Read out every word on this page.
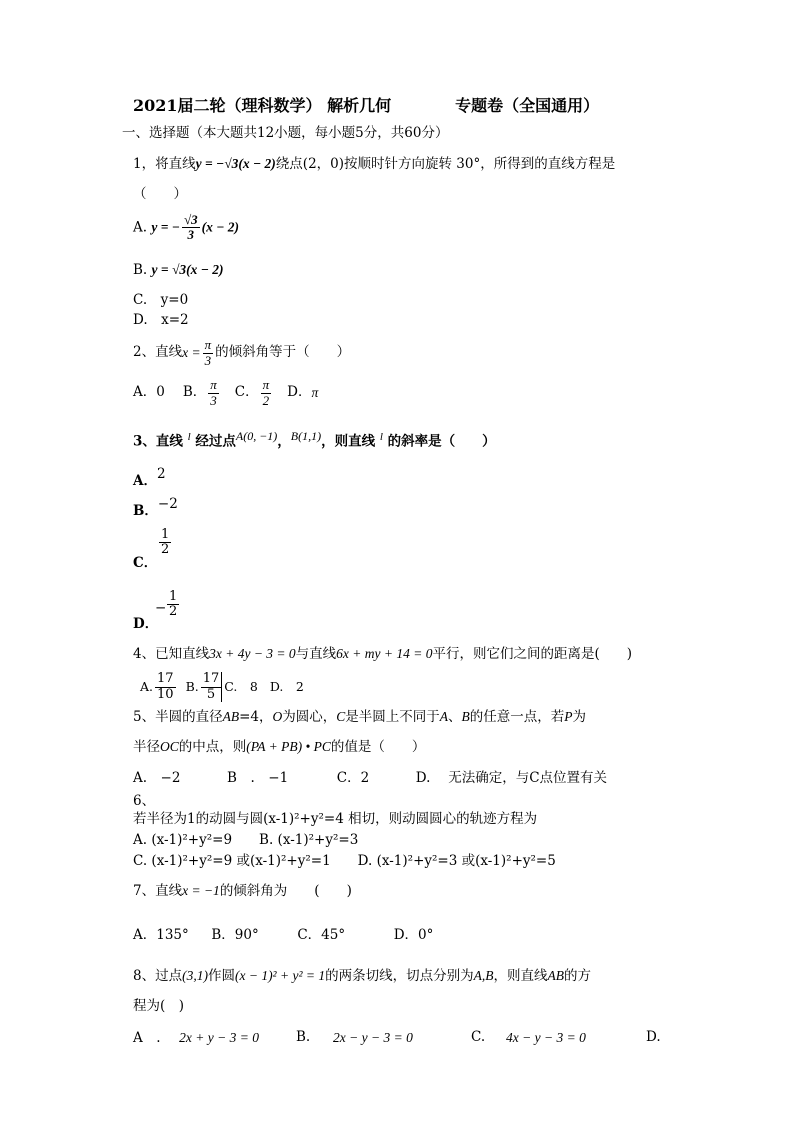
2021届二轮（理科数学） 解析几何	专题卷（全国通用）
一、选择题（本大题共12小题，每小题5分，共60分）
1，将直线y = −√3(x − 2)绕点(2，0)按顺时针方向旋转 30°，所得到的直线方程是
（　　）
A. y = − $\frac{√3}{3} (x - 2)$
B. y = √3(x − 2)
C.　y=0
D.　x=2
2、直线 $x = \frac{\pi}{3}$ 的倾斜角等于（　　）
A．0 B． $\frac{\pi}{3}$ C． $\frac{\pi}{2}$ D． π
3、直线 $^l$ 经过点A(0, −1)，B(1,1)，则直线 $^l$ 的斜率是（　　）
A．2
B．−2
C．
$\frac{1}{2}$
D．
− $\frac{1}{2}$
4、已知直线3x + 4y − 3 = 0与直线6x + my + 14 = 0平行，则它们之间的距离是(　　)
A. $\frac{17}{10} B$. $\frac{17}{5} C$.　8 D.　2
5、半圆的直径AB=4，O为圆心，C是半圆上不同于A、B的任意一点，若P为
半径OC的中点，则(PA + PB) • PC的值是（　　）
A.　−2	B　.　−1	C．2	D.　 无法确定，与C点位置有关
6、
若半径为1的动圆与圆(x-1)²+y²=4 相切，则动圆圆心的轨迹方程为
A. (x-1)²+y²=9　　B. (x-1)²+y²=3
C. (x-1)²+y²=9 或(x-1)²+y²=1　　D. (x-1)²+y²=3 或(x-1)²+y²=5
7、直线x = −1的倾斜角为　　(　　)
A．135° B．90°	C．45°	D．0°
8、过点(3,1)作圆(x − 1)² + y² = 1的两条切线，切点分别为A,B，则直线AB的方
程为(　)
A　. 2x + y − 3 = 0	B. 2x − y − 3 = 0	C. 4x − y − 3 = 0	D.
